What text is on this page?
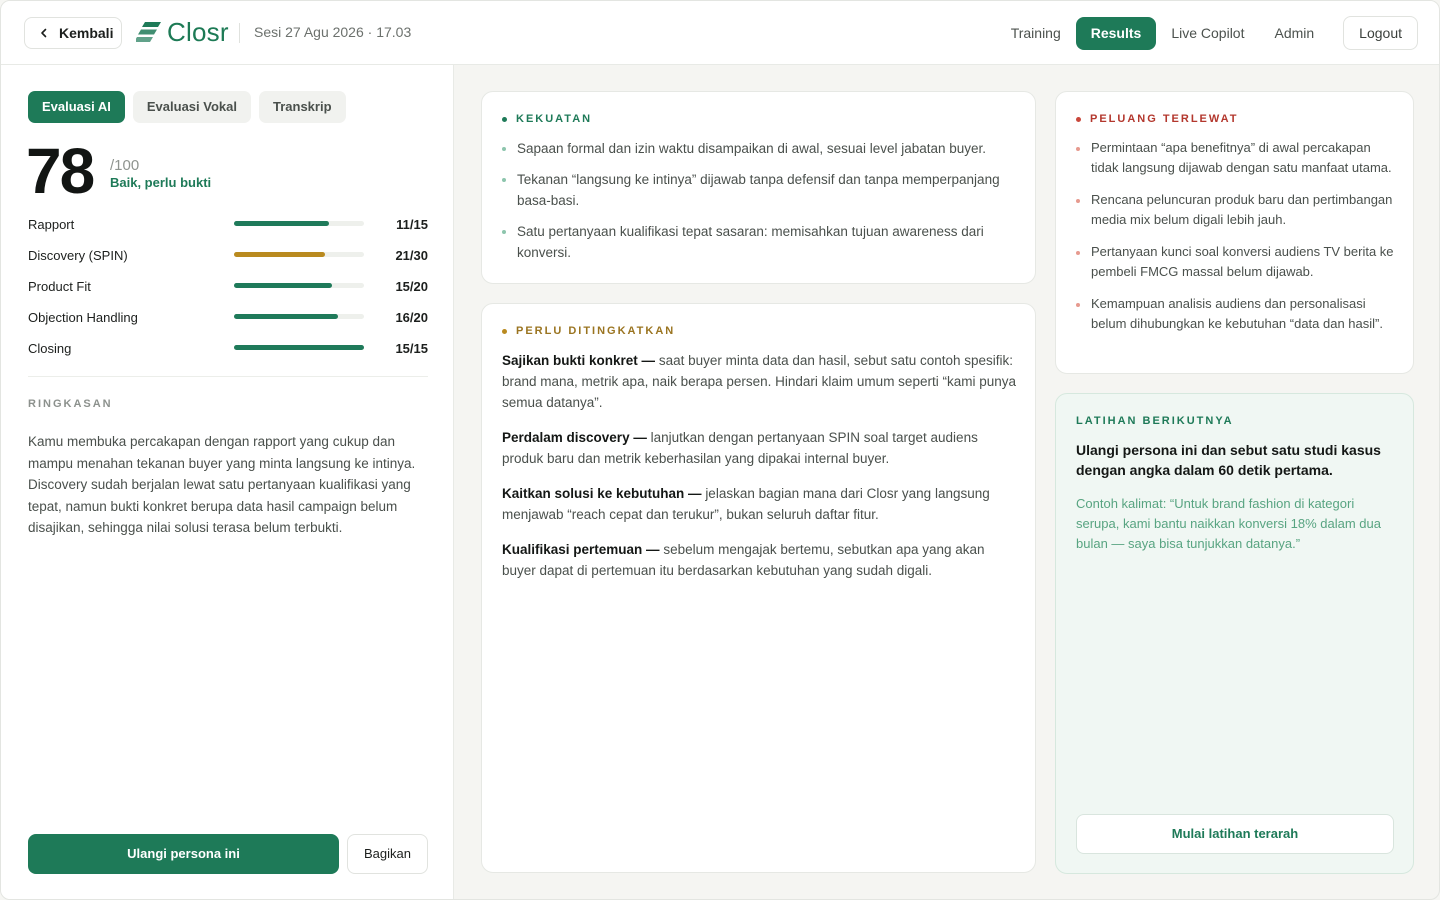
Kembali Closr Sesi 27 Agu 2026 · 17.03	Training	Results	Live Copilot	Admin	Logout
Evaluasi AI	Evaluasi Vokal	Transkrip
78 /100
Baik, perlu bukti
Rapport	11/15
Discovery (SPIN)	21/30
Product Fit	15/20
Objection Handling	16/20
Closing	15/15
RINGKASAN

Kamu membuka percakapan dengan rapport yang cukup dan mampu menahan tekanan buyer yang minta langsung ke intinya. Discovery sudah berjalan lewat satu pertanyaan kualifikasi yang tepat, namun bukti konkret berupa data hasil campaign belum disajikan, sehingga nilai solusi terasa belum terbukti.

Ulangi persona ini	Bagikan
KEKUATAN
Sapaan formal dan izin waktu disampaikan di awal, sesuai level jabatan buyer.
Tekanan “langsung ke intinya” dijawab tanpa defensif dan tanpa memperpanjang basa-basi.
Satu pertanyaan kualifikasi tepat sasaran: memisahkan tujuan awareness dari konversi.
PERLU DITINGKATKAN

Sajikan bukti konkret — saat buyer minta data dan hasil, sebut satu contoh spesifik: brand mana, metrik apa, naik berapa persen. Hindari klaim umum seperti “kami punya semua datanya”.

Perdalam discovery — lanjutkan dengan pertanyaan SPIN soal target audiens produk baru dan metrik keberhasilan yang dipakai internal buyer.

Kaitkan solusi ke kebutuhan — jelaskan bagian mana dari Closr yang langsung menjawab “reach cepat dan terukur”, bukan seluruh daftar fitur.

Kualifikasi pertemuan — sebelum mengajak bertemu, sebutkan apa yang akan buyer dapat di pertemuan itu berdasarkan kebutuhan yang sudah digali.

PELUANG TERLEWAT
Permintaan “apa benefitnya” di awal percakapan tidak langsung dijawab dengan satu manfaat utama.
Rencana peluncuran produk baru dan pertimbangan media mix belum digali lebih jauh.
Pertanyaan kunci soal konversi audiens TV berita ke pembeli FMCG massal belum dijawab.
Kemampuan analisis audiens dan personalisasi belum dihubungkan ke kebutuhan “data dan hasil”.
LATIHAN BERIKUTNYA
Ulangi persona ini dan sebut satu studi kasus dengan angka dalam 60 detik pertama.
Contoh kalimat: “Untuk brand fashion di kategori serupa, kami bantu naikkan konversi 18% dalam dua bulan — saya bisa tunjukkan datanya.”
Mulai latihan terarah
